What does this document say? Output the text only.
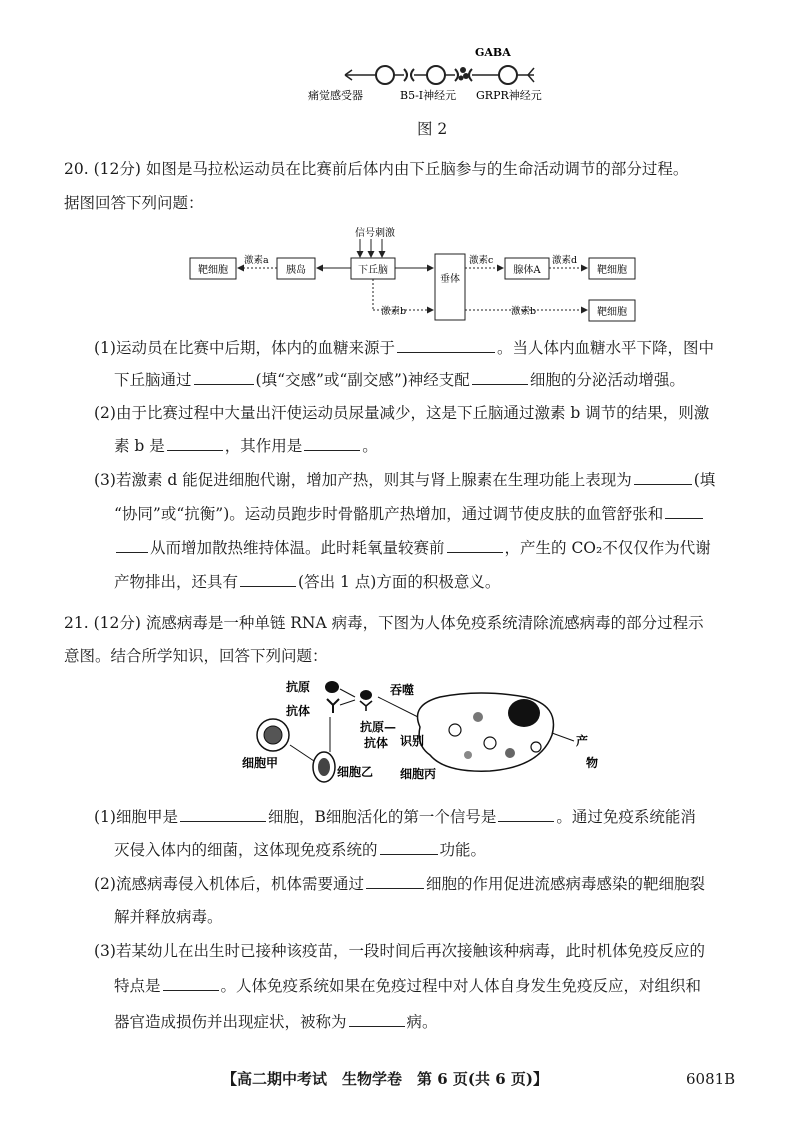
GABA
痛觉感受器	B5-Ⅰ神经元 GRPR神经元
图 2
20. (12分) 如图是马拉松运动员在比赛前后体内由下丘脑参与的生命活动调节的部分过程。
据图回答下列问题：
信号刺激
靶细胞	胰岛	下丘脑
垂体
腺体A	靶细胞
靶细胞
激素a	激素c	激素d
激素b	激素b
(1)运动员在比赛中后期，体内的血糖来源于	。当人体内血糖水平下降，图中
下丘脑通过	(填“交感”或“副交感”)神经支配	细胞的分泌活动增强。
(2)由于比赛过程中大量出汗使运动员尿量减少，这是下丘脑通过激素 b 调节的结果，则激
素 b 是	，其作用是	。
(3)若激素 d 能促进细胞代谢，增加产热，则其与肾上腺素在生理功能上表现为	(填
“协同”或“抗衡”)。运动员跑步时骨骼肌产热增加，通过调节使皮肤的血管舒张和
从而增加散热维持体温。此时耗氧量较赛前	，产生的 CO₂不仅仅作为代谢
产物排出，还具有	(答出 1 点)方面的积极意义。
21. (12分) 流感病毒是一种单链 RNA 病毒，下图为人体免疫系统清除流感病毒的部分过程示
意图。结合所学知识，回答下列问题：
抗原
抗体
抗原—
抗体
细胞甲
细胞乙
吞噬
识别
细胞丙
产
物
(1)细胞甲是	细胞，B细胞活化的第一个信号是	。通过免疫系统能消
灭侵入体内的细菌，这体现免疫系统的	功能。
(2)流感病毒侵入机体后，机体需要通过	细胞的作用促进流感病毒感染的靶细胞裂
解并释放病毒。
(3)若某幼儿在出生时已接种该疫苗，一段时间后再次接触该种病毒，此时机体免疫反应的
特点是	。人体免疫系统如果在免疫过程中对人体自身发生免疫反应，对组织和
器官造成损伤并出现症状，被称为	病。
【高二期中考试　生物学卷　第 6 页(共 6 页)】	6081B
